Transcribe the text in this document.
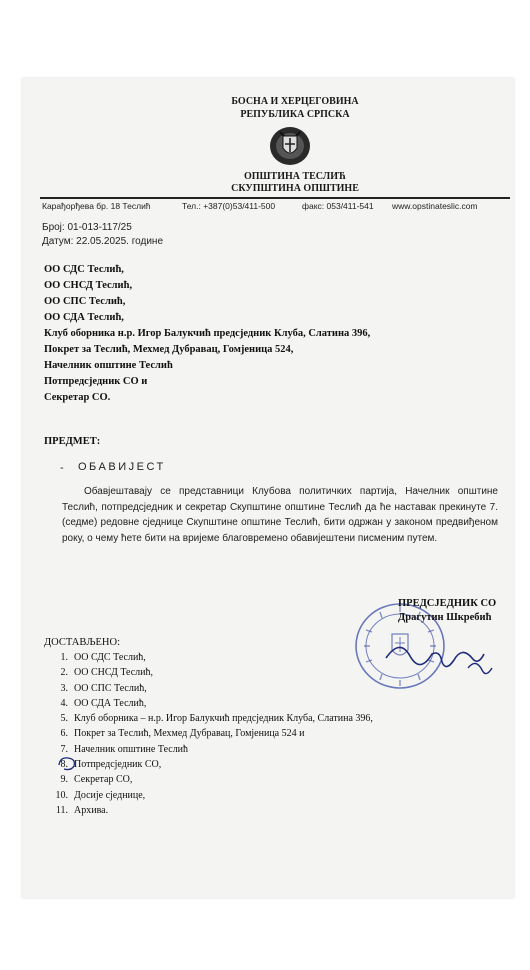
БОСНА И ХЕРЦЕГОВИНА
РЕПУБЛИКА СРПСКА
ОПШТИНА ТЕСЛИЋ
СКУПШТИНА ОПШТИНЕ
Карађорђева бр. 18 Теслић	Тел.: +387(0)53/411-500	факс: 053/411-541 www.opstinateslic.com
Број: 01-013-117/25
Датум: 22.05.2025. године
ОО СДС Теслић,
ОО СНСД Теслић,
ОО СПС Теслић,
ОО СДА Теслић,
Клуб оборника н.р. Игор Балукчић предсједник Клуба, Слатина 396,
Покрет за Теслић, Мехмед Дубравац, Гомјеница 524,
Начелник општине Теслић
Потпредсједник СО и
Секретар СО.
ПРЕДМЕТ:
- ОБАВИЈЕСТ
Обавјештавају се представници Клубова политичких партија, Начелник општине Теслић, потпредсједник и секретар Скупштине општине Теслић да ће наставак прекинуте 7. (седме) редовне сједнице Скупштине општине Теслић, бити одржан у законом предвиђеном року, о чему ћете бити на вријеме благовремено обавијештени писменим путем.
ПРЕДСЈЕДНИК СО
Драгутин Шкребић
ДОСТАВЉЕНО:
1. ОО СДС Теслић,
2. ОО СНСД Теслић,
3. ОО СПС Теслић,
4. ОО СДА Теслић,
5. Клуб оборника – н.р. Игор Балукчић предсједник Клуба, Слатина 396,
6. Покрет за Теслић, Мехмед Дубравац, Гомјеница 524 и
7. Начелник општине Теслић
8. Потпредсједник СО,
9. Секретар СО,
10. Досије сједнице,
11. Архива.
